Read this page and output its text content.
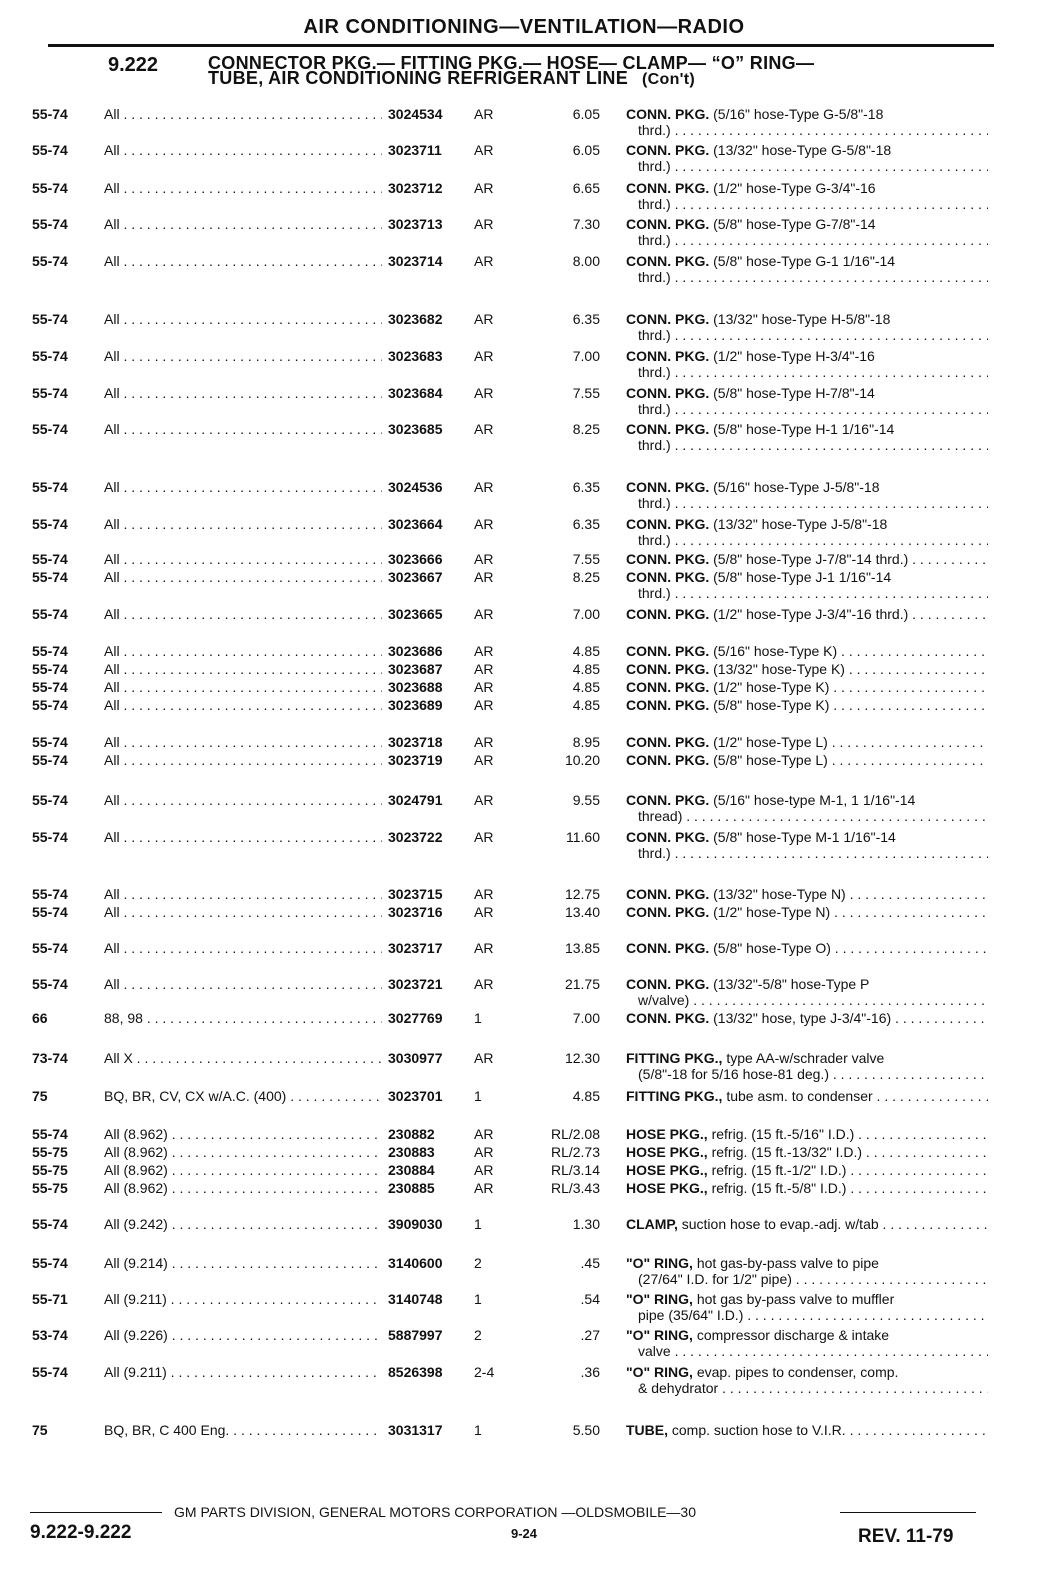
AIR CONDITIONING—VENTILATION—RADIO
9.222	CONNECTOR PKG.— FITTING PKG.— HOSE— CLAMP— “O” RING—
TUBE, AIR CONDITIONING REFRIGERANT LINE (Con't)
55-74	All . . .	3024534 AR	6.05 CONN. PKG. (5/16" hose-Type G-5/8"-18
thrd.) . . .
55-74	All . . .	3023711 AR	6.05 CONN. PKG. (13/32" hose-Type G-5/8"-18
thrd.) . . .
55-74	All . . .	3023712 AR	6.65 CONN. PKG. (1/2" hose-Type G-3/4"-16
thrd.) . . .
55-74	All . . .	3023713 AR	7.30 CONN. PKG. (5/8" hose-Type G-7/8"-14
thrd.) . . .
55-74	All . . .	3023714 AR	8.00 CONN. PKG. (5/8" hose-Type G-1 1/16"-14
thrd.) . . .
55-74	All . . .	3023682 AR	6.35 CONN. PKG. (13/32" hose-Type H-5/8"-18
thrd.) . . .
55-74	All . . .	3023683 AR	7.00 CONN. PKG. (1/2" hose-Type H-3/4"-16
thrd.) . . .
55-74	All . . .	3023684 AR	7.55 CONN. PKG. (5/8" hose-Type H-7/8"-14
thrd.) . . .
55-74	All . . .	3023685 AR	8.25 CONN. PKG. (5/8" hose-Type H-1 1/16"-14
thrd.) . . .
55-74	All . . .	3024536 AR	6.35 CONN. PKG. (5/16" hose-Type J-5/8"-18
thrd.) . . .
55-74	All . . .	3023664 AR	6.35 CONN. PKG. (13/32" hose-Type J-5/8"-18
thrd.) . . .
55-74	All . . .	3023666 AR	7.55 CONN. PKG. (5/8" hose-Type J-7/8"-14 thrd.) . . .
55-74	All . . .	3023667 AR	8.25 CONN. PKG. (5/8" hose-Type J-1 1/16"-14
thrd.) . . .
55-74	All . . .	3023665 AR	7.00 CONN. PKG. (1/2" hose-Type J-3/4"-16 thrd.) . . .
55-74	All . . .	3023686 AR	4.85 CONN. PKG. (5/16" hose-Type K) . . .
55-74	All . . .	3023687 AR	4.85 CONN. PKG. (13/32" hose-Type K) . . .
55-74	All . . .	3023688 AR	4.85 CONN. PKG. (1/2" hose-Type K) . . .
55-74	All . . .	3023689 AR	4.85 CONN. PKG. (5/8" hose-Type K) . . .
55-74	All . . .	3023718 AR	8.95 CONN. PKG. (1/2" hose-Type L) . . .
55-74	All . . .	3023719 AR	10.20 CONN. PKG. (5/8" hose-Type L) . . .
55-74	All . . .	3024791 AR	9.55 CONN. PKG. (5/16" hose-type M-1, 1 1/16"-14
thread) . . .
55-74	All . . .	3023722 AR	11.60 CONN. PKG. (5/8" hose-Type M-1 1/16"-14
thrd.) . . .
55-74	All . . .	3023715 AR	12.75 CONN. PKG. (13/32" hose-Type N) . . .
55-74	All . . .	3023716 AR	13.40 CONN. PKG. (1/2" hose-Type N) . . .
55-74	All . . .	3023717 AR	13.85 CONN. PKG. (5/8" hose-Type O) . . .
55-74	All . . .	3023721 AR	21.75 CONN. PKG. (13/32"-5/8" hose-Type P
w/valve) . . .
66	88, 98 . . .	3027769 1	7.00 CONN. PKG. (13/32" hose, type J-3/4"-16) . . .
73-74	All X . . .	3030977 AR	12.30 FITTING PKG., type AA-w/schrader valve
(5/8"-18 for 5/16 hose-81 deg.) . . .
75	BQ, BR, CV, CX w/A.C. (400) . . .	3023701 1	4.85 FITTING PKG., tube asm. to condenser . . .
55-74	All (8.962) . . .	230882	AR	RL/2.08 HOSE PKG., refrig. (15 ft.-5/16" I.D.) . . .
55-75	All (8.962) . . .	230883	AR	RL/2.73 HOSE PKG., refrig. (15 ft.-13/32" I.D.) . . .
55-75	All (8.962) . . .	230884	AR	RL/3.14 HOSE PKG., refrig. (15 ft.-1/2" I.D.) . . .
55-75	All (8.962) . . .	230885	AR	RL/3.43 HOSE PKG., refrig. (15 ft.-5/8" I.D.) . . .
55-74	All (9.242) . . .	3909030 1	1.30 CLAMP, suction hose to evap.-adj. w/tab . . .
55-74	All (9.214) . . .	3140600 2	.45 "O" RING, hot gas-by-pass valve to pipe
(27/64" I.D. for 1/2" pipe) . . .
55-71	All (9.211) . . .	3140748 1	.54 "O" RING, hot gas by-pass valve to muffler
pipe (35/64" I.D.) . . .
53-74	All (9.226) . . .	5887997 2	.27 "O" RING, compressor discharge & intake
valve . . .
55-74	All (9.211) . . .	8526398 2-4	.36 "O" RING, evap. pipes to condenser, comp.
& dehydrator . . .
75	BQ, BR, C 400 Eng. . . .	3031317 1	5.50 TUBE, comp. suction hose to V.I.R. . . .
GM PARTS DIVISION, GENERAL MOTORS CORPORATION —OLDSMOBILE—30
9.222-9.222	9-24	REV. 11-79
